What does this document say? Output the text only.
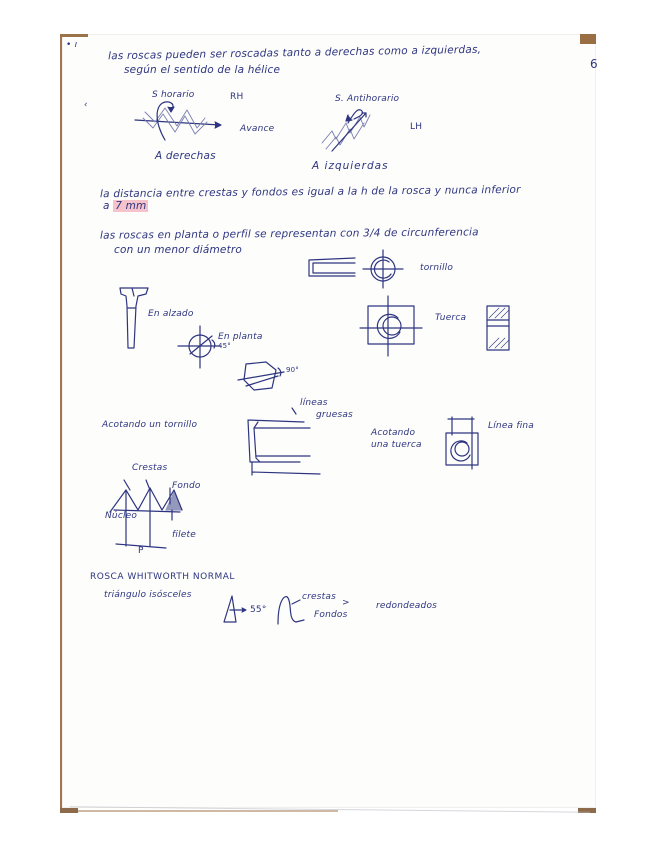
• ı
6
‹
las roscas pueden ser roscadas tanto a derechas como a izquierdas,
según el sentido de la hélice
S horario	RH
Avance
A derechas
S. Antihorario
LH
A izquierdas
la distancia entre crestas y fondos es igual a la h de la rosca y nunca inferior
a 7 mm
las roscas en planta o perfil se representan con 3/4 de circunferencia
con un menor diámetro
tornillo
En alzado
En planta
45°
90°
Tuerca
Acotando un tornillo
líneas
gruesas
Acotando
una tuerca
Línea fina
Crestas
Fondo
Núcleo
filete
P
ROSCA WHITWORTH NORMAL
triángulo isósceles
55°
crestas
Fondos
>	redondeados
